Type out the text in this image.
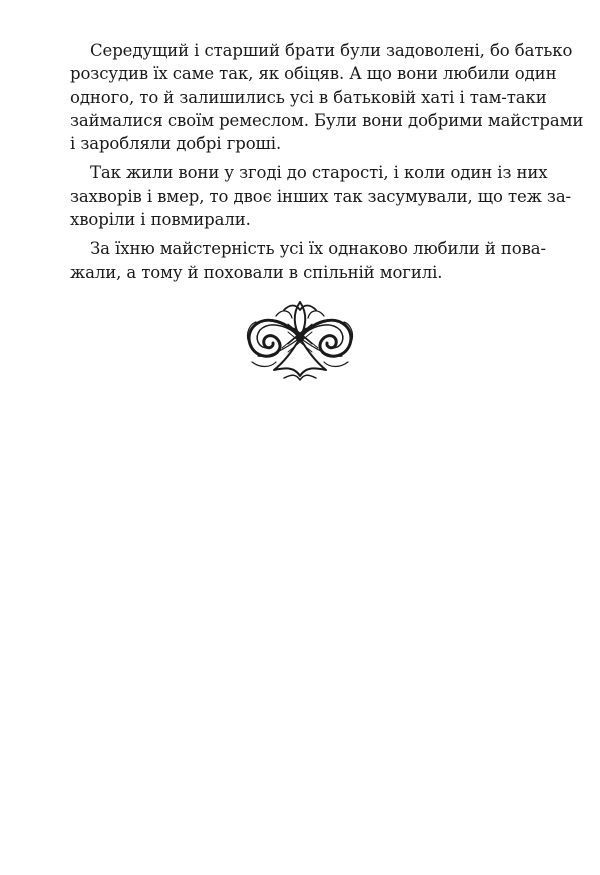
Середущий і старший брати були задоволені, бо батько
розсудив їх саме так, як обіцяв. А що вони любили один
одного, то й залишились усі в батьковій хаті і там-таки
займалися своїм ремеслом. Були вони добрими майстрами
і заробляли добрі гроші.
Так жили вони у згоді до старості, і коли один із них
захворів і вмер, то двоє інших так засумували, що теж за-
хворіли і повмирали.
За їхню майстерність усі їх однаково любили й пова-
жали, а тому й поховали в спільній могилі.
